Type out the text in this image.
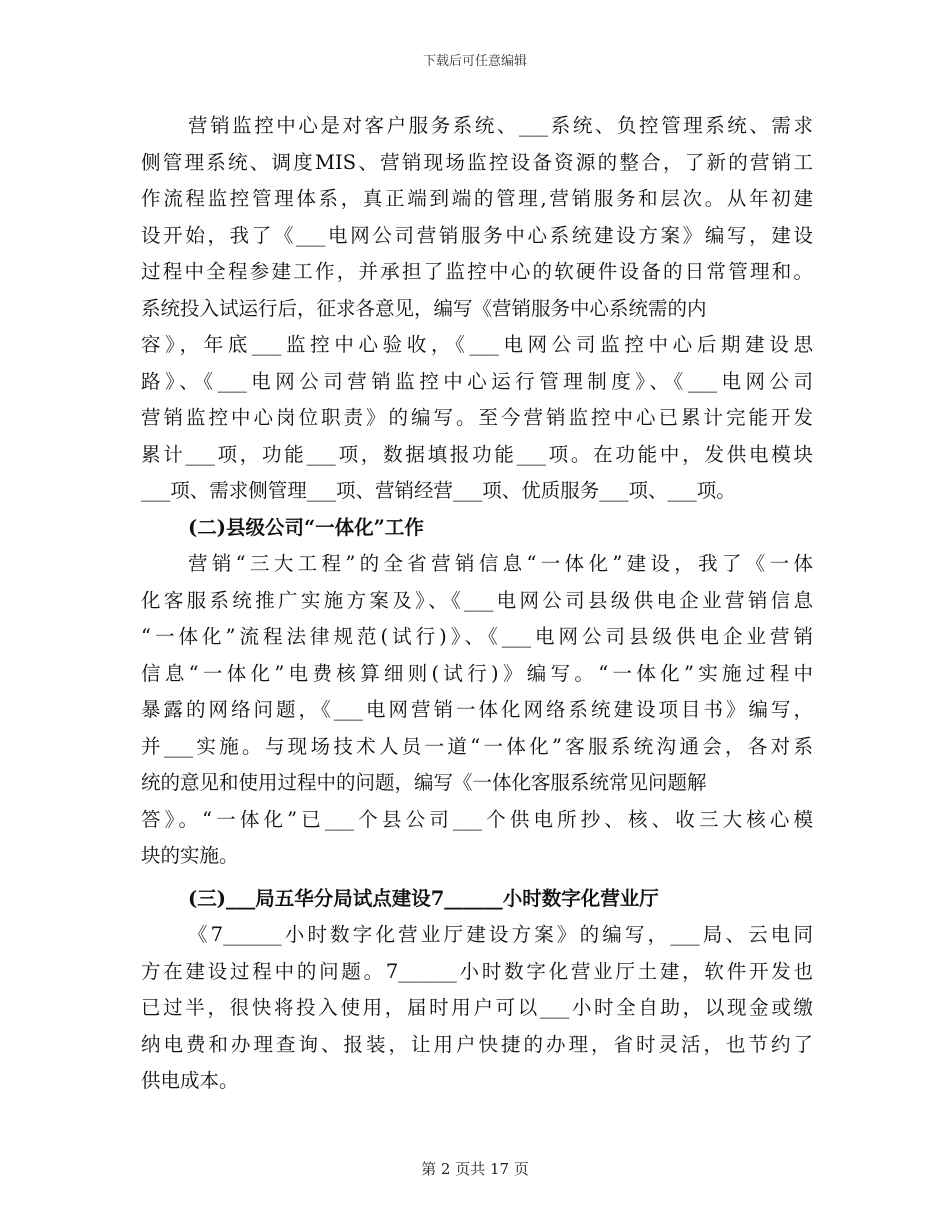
下载后可任意编辑
营销监控中心是对客户服务系统、___系统、负控管理系统、需求
侧管理系统、调度MIS、营销现场监控设备资源的整合，了新的营销工
作流程监控管理体系，真正端到端的管理,营销服务和层次。从年初建
设开始，我了《___电网公司营销服务中心系统建设方案》编写，建设
过程中全程参建工作，并承担了监控中心的软硬件设备的日常管理和。
系统投入试运行后，征求各意见，编写《营销服务中心系统需的内
容》，年底___监控中心验收，《___电网公司监控中心后期建设思
路》、《___电网公司营销监控中心运行管理制度》、《___电网公司
营销监控中心岗位职责》的编写。至今营销监控中心已累计完能开发
累计___项，功能___项，数据填报功能___项。在功能中，发供电模块
___项、需求侧管理___项、营销经营___项、优质服务___项、___项。
(二)县级公司“一体化”工作
营销“三大工程”的全省营销信息“一体化”建设，我了《一体
化客服系统推广实施方案及》、《___电网公司县级供电企业营销信息
“一体化”流程法律规范(试行)》、《___电网公司县级供电企业营销
信息“一体化”电费核算细则(试行)》编写。“一体化”实施过程中
暴露的网络问题，《___电网营销一体化网络系统建设项目书》编写，
并___实施。与现场技术人员一道“一体化”客服系统沟通会，各对系
统的意见和使用过程中的问题，编写《一体化客服系统常见问题解
答》。“一体化”已___个县公司___个供电所抄、核、收三大核心模
块的实施。
(三)___局五华分局试点建设7______小时数字化营业厅
《7______小时数字化营业厅建设方案》的编写，___局、云电同
方在建设过程中的问题。7______小时数字化营业厅土建，软件开发也
已过半，很快将投入使用，届时用户可以___小时全自助，以现金或缴
纳电费和办理查询、报装，让用户快捷的办理，省时灵活，也节约了
供电成本。
第 2 页共 17 页
